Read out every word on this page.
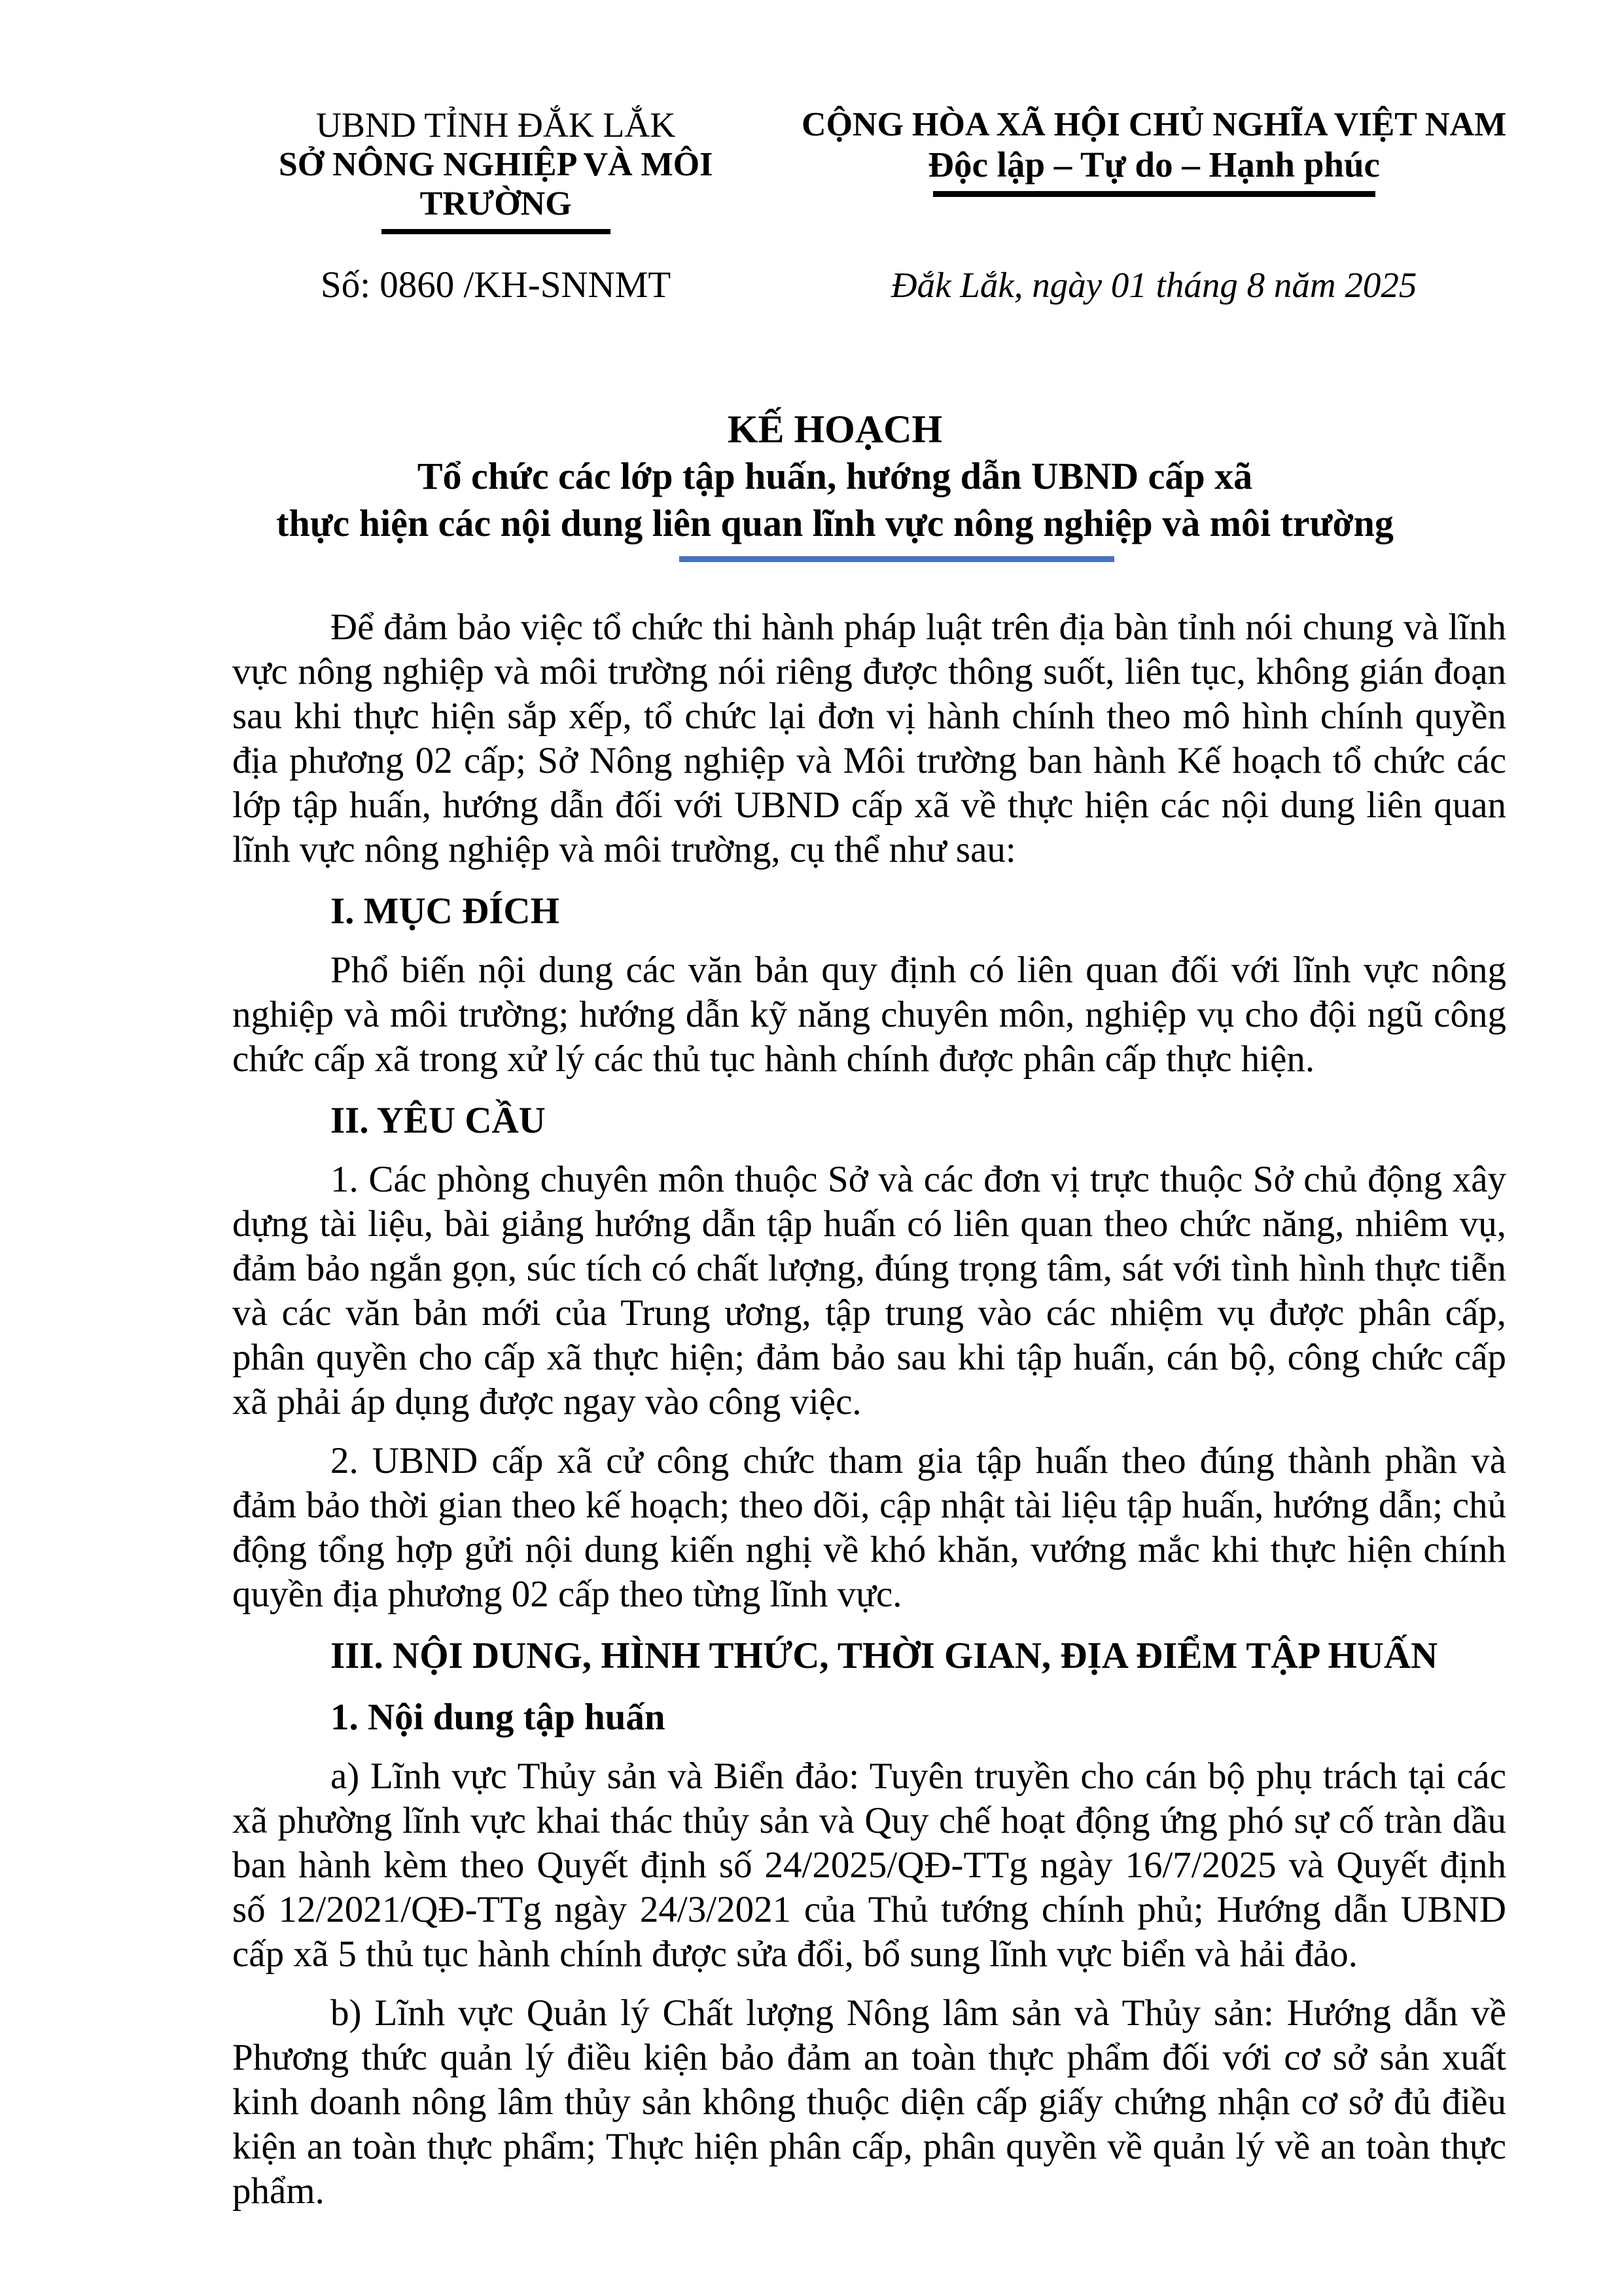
UBND TỈNH ĐẮK LẮK
SỞ NÔNG NGHIỆP VÀ MÔI TRƯỜNG
CỘNG HÒA XÃ HỘI CHỦ NGHĨA VIỆT NAM
Độc lập – Tự do – Hạnh phúc
Số: 0860 /KH-SNNMT	Đắk Lắk, ngày 01 tháng 8 năm 2025
KẾ HOẠCH
Tổ chức các lớp tập huấn, hướng dẫn UBND cấp xã
thực hiện các nội dung liên quan lĩnh vực nông nghiệp và môi trường

Để đảm bảo việc tổ chức thi hành pháp luật trên địa bàn tỉnh nói chung và lĩnh vực nông nghiệp và môi trường nói riêng được thông suốt, liên tục, không gián đoạn sau khi thực hiện sắp xếp, tổ chức lại đơn vị hành chính theo mô hình chính quyền địa phương 02 cấp; Sở Nông nghiệp và Môi trường ban hành Kế hoạch tổ chức các lớp tập huấn, hướng dẫn đối với UBND cấp xã về thực hiện các nội dung liên quan lĩnh vực nông nghiệp và môi trường, cụ thể như sau:

I. MỤC ĐÍCH

Phổ biến nội dung các văn bản quy định có liên quan đối với lĩnh vực nông nghiệp và môi trường; hướng dẫn kỹ năng chuyên môn, nghiệp vụ cho đội ngũ công chức cấp xã trong xử lý các thủ tục hành chính được phân cấp thực hiện.

II. YÊU CẦU

1. Các phòng chuyên môn thuộc Sở và các đơn vị trực thuộc Sở chủ động xây dựng tài liệu, bài giảng hướng dẫn tập huấn có liên quan theo chức năng, nhiêm vụ, đảm bảo ngắn gọn, súc tích có chất lượng, đúng trọng tâm, sát với tình hình thực tiễn và các văn bản mới của Trung ương, tập trung vào các nhiệm vụ được phân cấp, phân quyền cho cấp xã thực hiện; đảm bảo sau khi tập huấn, cán bộ, công chức cấp xã phải áp dụng được ngay vào công việc.

2. UBND cấp xã cử công chức tham gia tập huấn theo đúng thành phần và đảm bảo thời gian theo kế hoạch; theo dõi, cập nhật tài liệu tập huấn, hướng dẫn; chủ động tổng hợp gửi nội dung kiến nghị về khó khăn, vướng mắc khi thực hiện chính quyền địa phương 02 cấp theo từng lĩnh vực.

III. NỘI DUNG, HÌNH THỨC, THỜI GIAN, ĐỊA ĐIỂM TẬP HUẤN

1. Nội dung tập huấn

a) Lĩnh vực Thủy sản và Biển đảo: Tuyên truyền cho cán bộ phụ trách tại các xã phường lĩnh vực khai thác thủy sản và Quy chế hoạt động ứng phó sự cố tràn dầu ban hành kèm theo Quyết định số 24/2025/QĐ-TTg ngày 16/7/2025 và Quyết định số 12/2021/QĐ-TTg ngày 24/3/2021 của Thủ tướng chính phủ; Hướng dẫn UBND cấp xã 5 thủ tục hành chính được sửa đổi, bổ sung lĩnh vực biển và hải đảo.

b) Lĩnh vực Quản lý Chất lượng Nông lâm sản và Thủy sản: Hướng dẫn về Phương thức quản lý điều kiện bảo đảm an toàn thực phẩm đối với cơ sở sản xuất kinh doanh nông lâm thủy sản không thuộc diện cấp giấy chứng nhận cơ sở đủ điều kiện an toàn thực phẩm; Thực hiện phân cấp, phân quyền về quản lý về an toàn thực phẩm.
